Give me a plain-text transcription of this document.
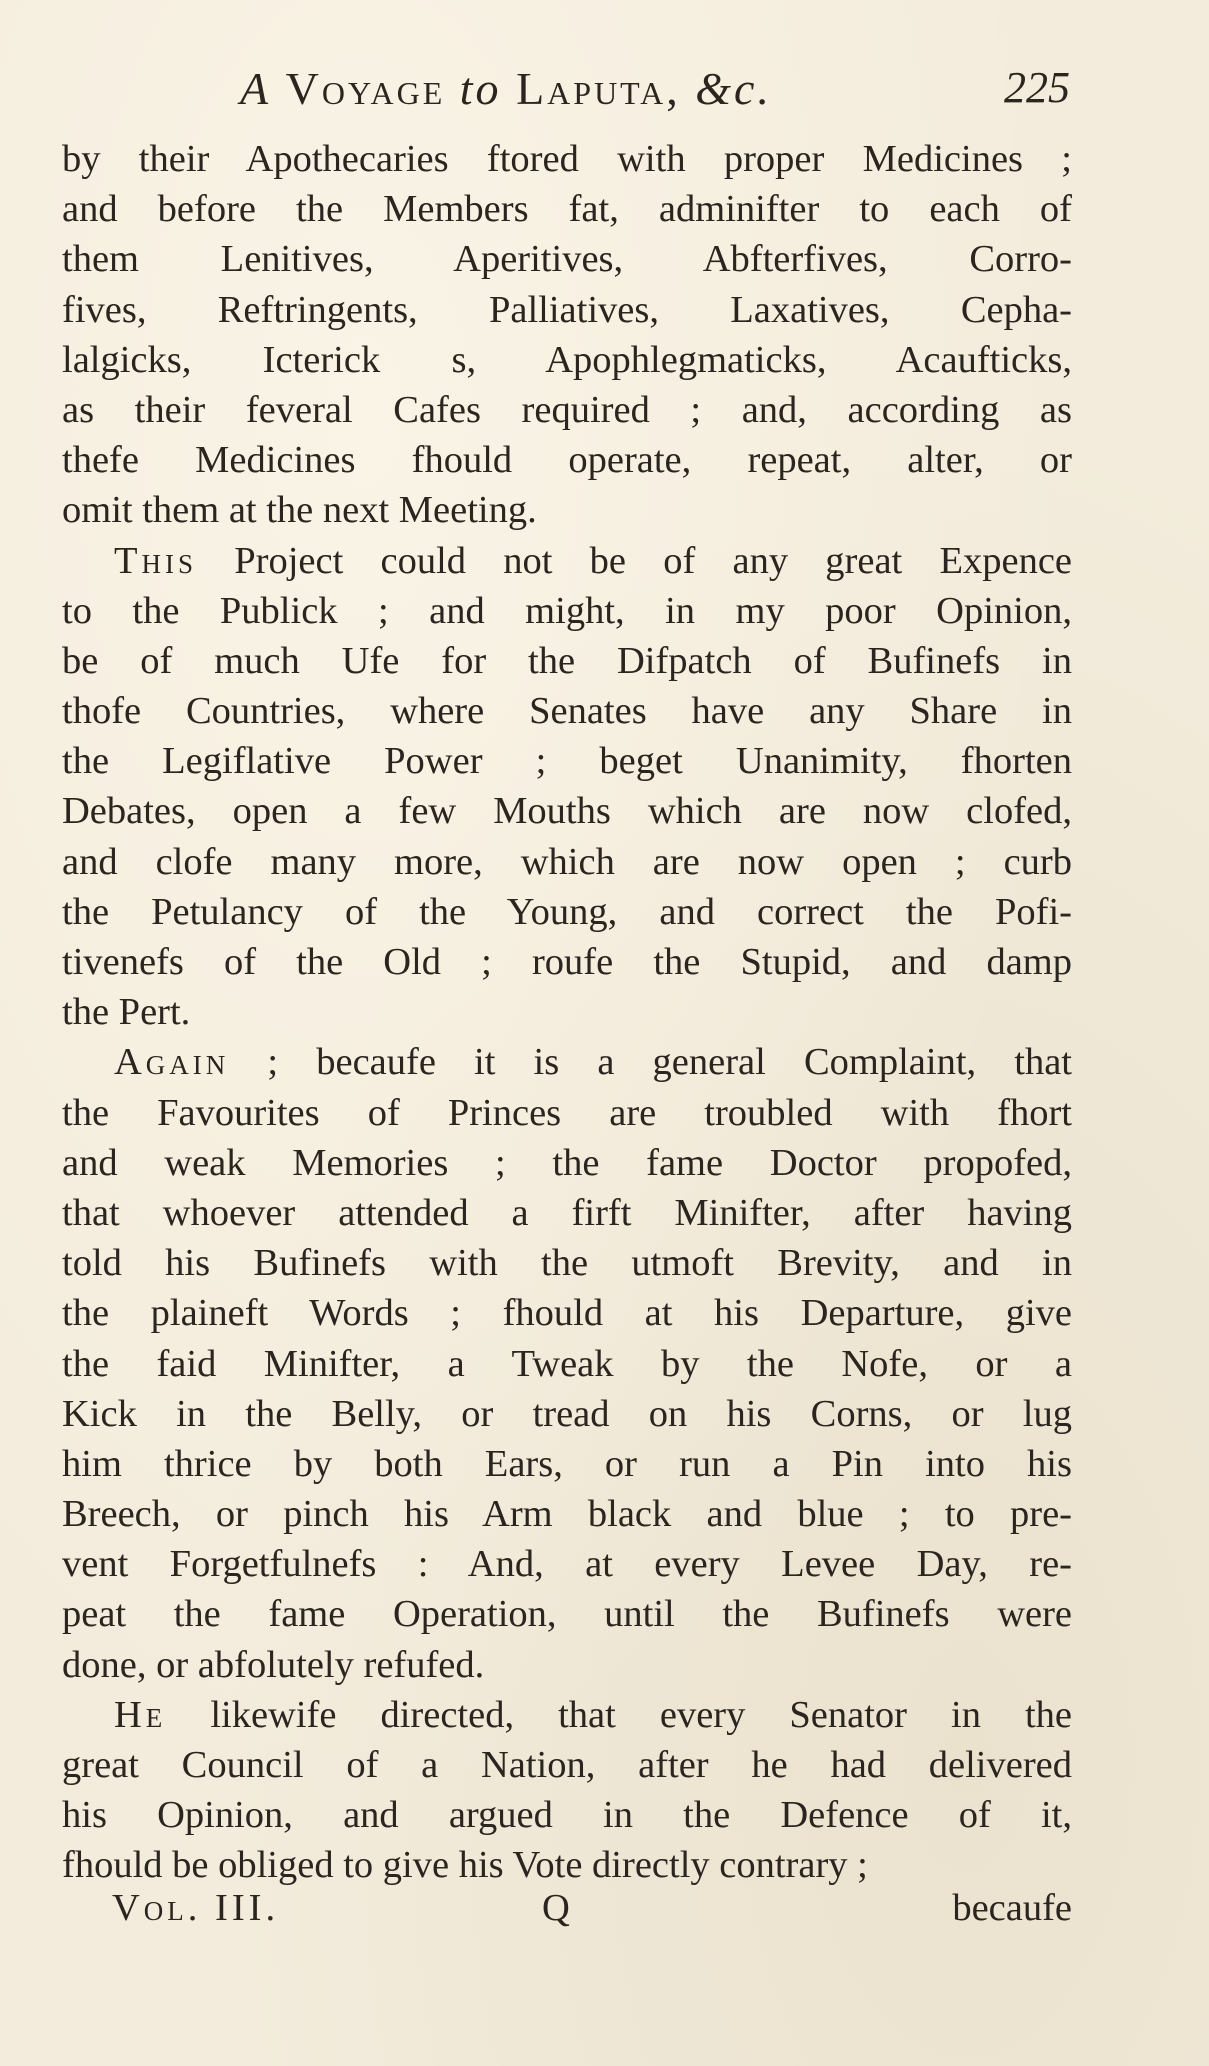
A Voyage to Laputa, &c.	225
by their Apothecaries ftored with proper Medicines ;
and before the Members fat, adminifter to each of
them Lenitives, Aperitives, Abfterfives, Corro-
fives, Reftringents, Palliatives, Laxatives, Cepha-
lalgicks, Icterick s, Apophlegmaticks, Acaufticks,
as their feveral Cafes required ; and, according as
thefe Medicines fhould operate, repeat, alter, or
omit them at the next Meeting.
This Project could not be of any great Expence
to the Publick ; and might, in my poor Opinion,
be of much Ufe for the Difpatch of Bufinefs in
thofe Countries, where Senates have any Share in
the Legiflative Power ; beget Unanimity, fhorten
Debates, open a few Mouths which are now clofed,
and clofe many more, which are now open ; curb
the Petulancy of the Young, and correct the Pofi-
tivenefs of the Old ; roufe the Stupid, and damp
the Pert.
Again ; becaufe it is a general Complaint, that
the Favourites of Princes are troubled with fhort
and weak Memories ; the fame Doctor propofed,
that whoever attended a firft Minifter, after having
told his Bufinefs with the utmoft Brevity, and in
the plaineft Words ; fhould at his Departure, give
the faid Minifter, a Tweak by the Nofe, or a
Kick in the Belly, or tread on his Corns, or lug
him thrice by both Ears, or run a Pin into his
Breech, or pinch his Arm black and blue ; to pre-
vent Forgetfulnefs : And, at every Levee Day, re-
peat the fame Operation, until the Bufinefs were
done, or abfolutely refufed.
He likewife directed, that every Senator in the
great Council of a Nation, after he had delivered
his Opinion, and argued in the Defence of it,
fhould be obliged to give his Vote directly contrary ;
Vol. III.	Q	becaufe
